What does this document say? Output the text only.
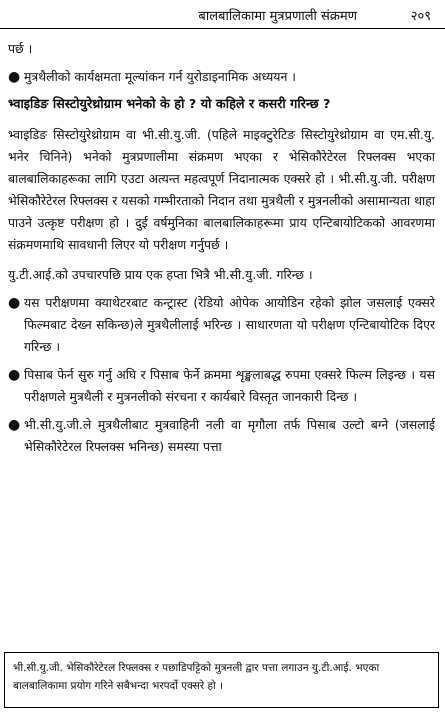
बालबालिकामा मुत्रप्रणाली संक्रमण	२०९

पर्छ ।

● मुत्रथैलीको कार्यक्षमता मूल्यांकन गर्न युरोडाइनामिक अध्ययन ।

भ्वाइडिङ सिस्टोयुरेथ्रोग्राम भनेको के हो ? यो कहिले र कसरी गरिन्छ ?

भ्वाइडिङ सिस्टोयुरेथ्रोग्राम वा भी.सी.यु.जी. (पहिले माइक्टुरेटिङ सिस्टोयुरेथ्रोग्राम वा एम.सी.यु. भनेर चिनिने) भनेको मुत्रप्रणालीमा संक्रमण भएका र भेसिकौरेटेरल रिफ्लक्स भएका बालबालिकाहरूका लागि एउटा अत्यन्त महत्वपूर्ण निदानात्मक एक्सरे हो । भी.सी.यु.जी. परीक्षण भेसिकौरेटेरल रिफ्लक्स र यसको गम्भीरताको निदान तथा मुत्रथैली र मुत्रनलीको असामान्यता थाहा पाउने उत्कृष्ट परीक्षण हो । दुई वर्षमुनिका बालबालिकाहरूमा प्राय एन्टिबायोटिकको आवरणमा संक्रमणमाथि सावधानी लिएर यो परीक्षण गर्नुपर्छ ।

यु.टी.आई.को उपचारपछि प्राय एक हप्ता भित्रै भी.सी.यु.जी. गरिन्छ ।

● यस परीक्षणमा क्याथेटरबाट कन्ट्रास्ट (रेडियो ओपेक आयोडिन रहेको झोल जसलाई एक्सरे फिल्मबाट देख्न सकिन्छ)ले मुत्रथैलीलाई भरिन्छ । साधारणता यो परीक्षण एन्टिबायोटिक दिएर गरिन्छ ।

● पिसाब फेर्न सुरु गर्नु अघि र पिसाब फेर्ने क्रममा शृङ्खलाबद्ध रुपमा एक्सरे फिल्म लिइन्छ । यस परीक्षणले मुत्रथैली र मुत्रनलीको संरचना र कार्यबारे विस्तृत जानकारी दिन्छ ।

● भी.सी.यु.जी.ले मुत्रथैलीबाट मुत्रवाहिनी नली वा मृगौला तर्फ पिसाब उल्टो बग्ने (जसलाई भेसिकौरेटेरल रिफ्लक्स भनिन्छ) समस्या पत्ता

भी.सी.यु.जी. भेसिकौरेटेरल रिफ्लक्स र पछाडिपट्टिको मुत्रनली द्वार पत्ता लगाउन यु.टी.आई. भएका बालबालिकामा प्रयोग गरिने सबैभन्दा भरपर्दो एक्सरे हो ।
